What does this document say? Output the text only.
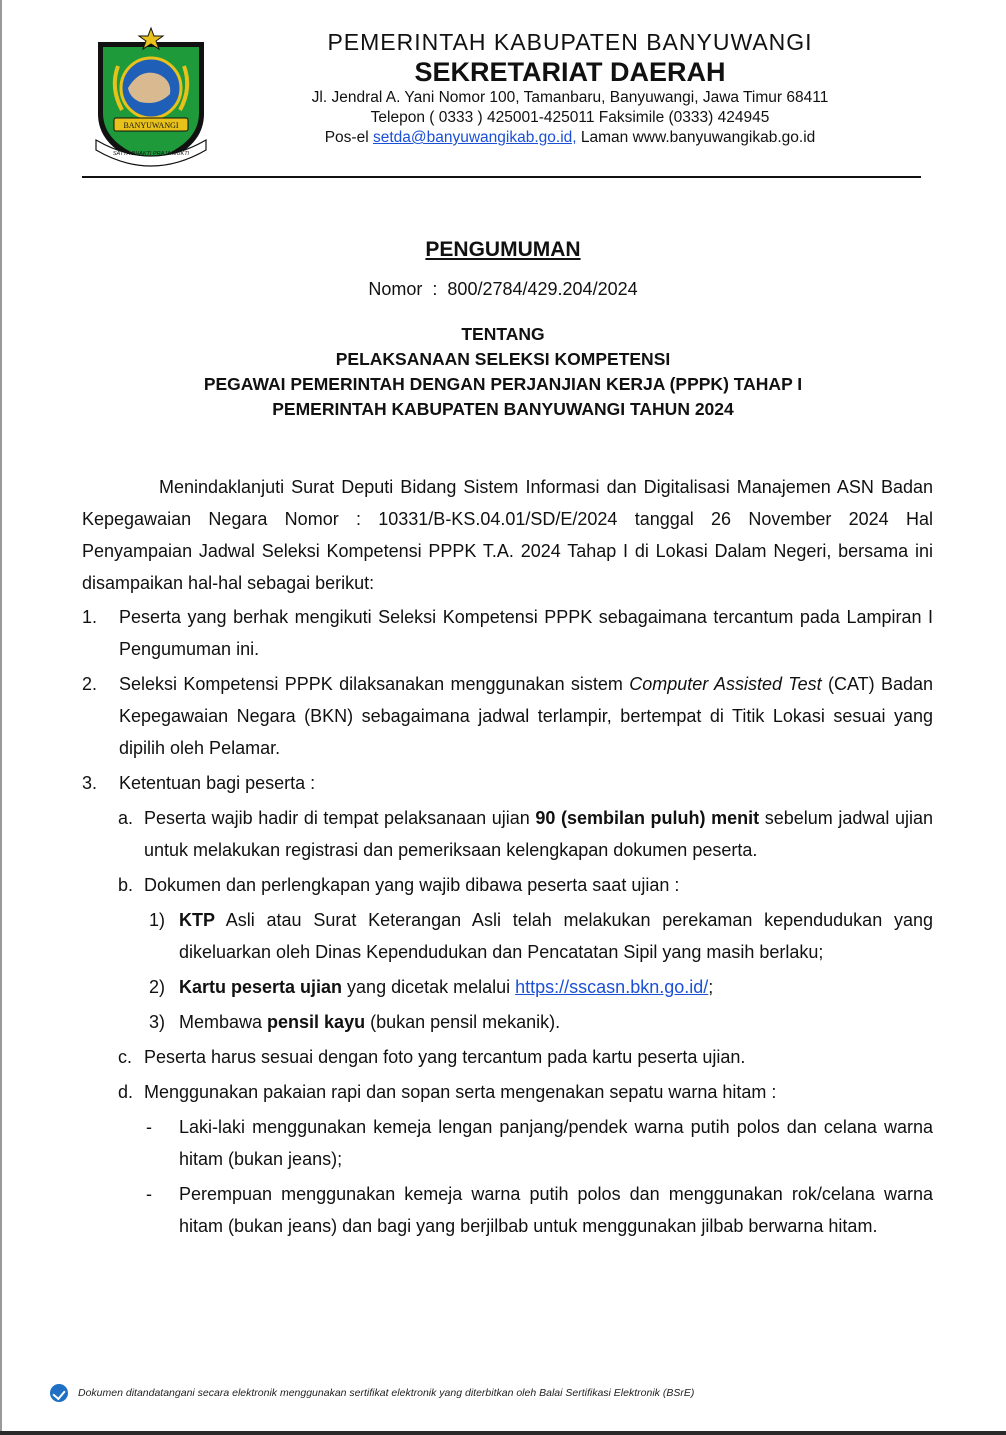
BANYUWANGI
SATYA BHAKTI PRAJA MUKTI
PEMERINTAH KABUPATEN BANYUWANGI
SEKRETARIAT DAERAH
Jl. Jendral A. Yani Nomor 100, Tamanbaru, Banyuwangi, Jawa Timur 68411
Telepon ( 0333 ) 425001-425011 Faksimile (0333) 424945
Pos-el setda@banyuwangikab.go.id, Laman www.banyuwangikab.go.id
PENGUMUMAN
Nomor  :  800/2784/429.204/2024
TENTANG
PELAKSANAAN SELEKSI KOMPETENSI
PEGAWAI PEMERINTAH DENGAN PERJANJIAN KERJA (PPPK) TAHAP I
PEMERINTAH KABUPATEN BANYUWANGI TAHUN 2024

Menindaklanjuti Surat Deputi Bidang Sistem Informasi dan Digitalisasi Manajemen ASN Badan Kepegawaian Negara Nomor : 10331/B-KS.04.01/SD/E/2024 tanggal 26 November 2024 Hal Penyampaian Jadwal Seleksi Kompetensi PPPK T.A. 2024 Tahap I di Lokasi Dalam Negeri, bersama ini disampaikan hal-hal sebagai berikut:

1. Peserta yang berhak mengikuti Seleksi Kompetensi PPPK sebagaimana tercantum pada Lampiran I Pengumuman ini.
2. Seleksi Kompetensi PPPK dilaksanakan menggunakan sistem Computer Assisted Test (CAT) Badan Kepegawaian Negara (BKN) sebagaimana jadwal terlampir, bertempat di Titik Lokasi sesuai yang dipilih oleh Pelamar.
3. Ketentuan bagi peserta :
a. Peserta wajib hadir di tempat pelaksanaan ujian 90 (sembilan puluh) menit sebelum jadwal ujian untuk melakukan registrasi dan pemeriksaan kelengkapan dokumen peserta.
b. Dokumen dan perlengkapan yang wajib dibawa peserta saat ujian :
1) KTP Asli atau Surat Keterangan Asli telah melakukan perekaman kependudukan yang dikeluarkan oleh Dinas Kependudukan dan Pencatatan Sipil yang masih berlaku;
2) Kartu peserta ujian yang dicetak melalui https://sscasn.bkn.go.id/;
3) Membawa pensil kayu (bukan pensil mekanik).
c. Peserta harus sesuai dengan foto yang tercantum pada kartu peserta ujian.
d. Menggunakan pakaian rapi dan sopan serta mengenakan sepatu warna hitam :
- Laki-laki menggunakan kemeja lengan panjang/pendek warna putih polos dan celana warna hitam (bukan jeans);
- Perempuan menggunakan kemeja warna putih polos dan menggunakan rok/celana warna hitam (bukan jeans) dan bagi yang berjilbab untuk menggunakan jilbab berwarna hitam.
Dokumen ditandatangani secara elektronik menggunakan sertifikat elektronik yang diterbitkan oleh Balai Sertifikasi Elektronik (BSrE)
